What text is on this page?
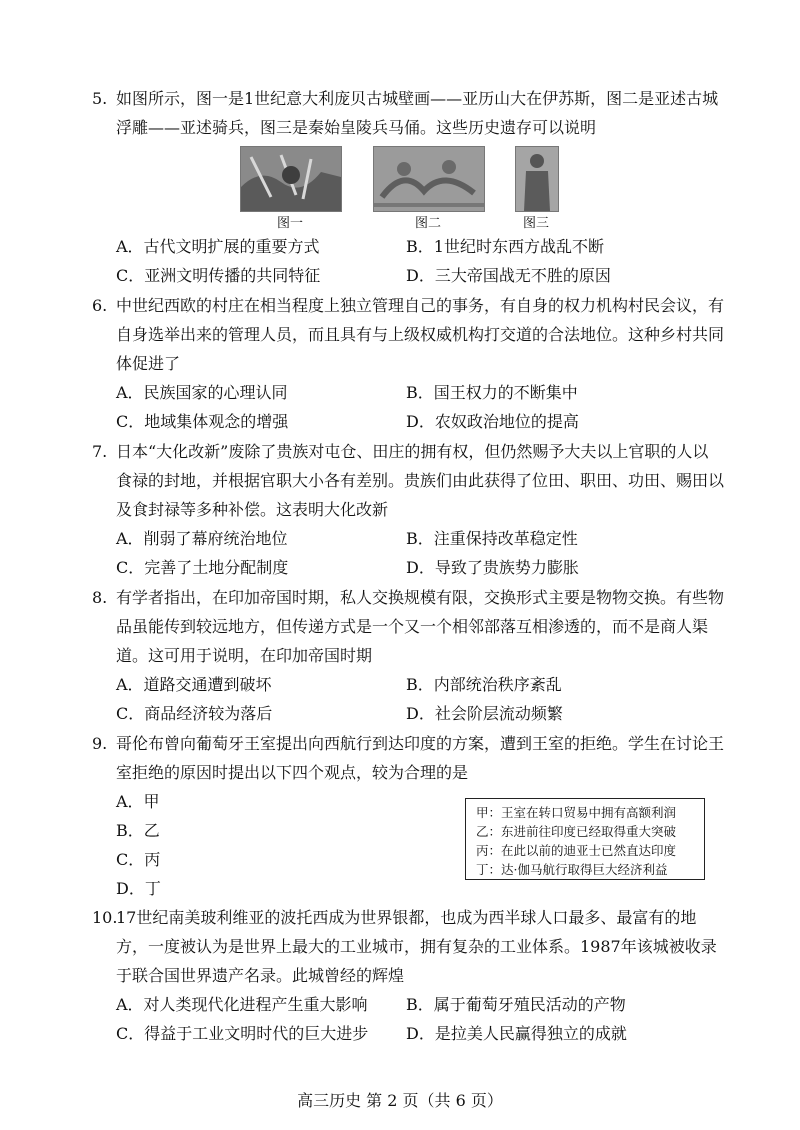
5. 如图所示，图一是1世纪意大利庞贝古城壁画——亚历山大在伊苏斯，图二是亚述古城浮雕——亚述骑兵，图三是秦始皇陵兵马俑。这些历史遗存可以说明

图一	图二	图三
A．古代文明扩展的重要方式	B．1世纪时东西方战乱不断
C．亚洲文明传播的共同特征	D．三大帝国战无不胜的原因

6. 中世纪西欧的村庄在相当程度上独立管理自己的事务，有自身的权力机构村民会议，有自身选举出来的管理人员，而且具有与上级权威机构打交道的合法地位。这种乡村共同体促进了

A．民族国家的心理认同	B．国王权力的不断集中
C．地域集体观念的增强	D．农奴政治地位的提高

7. 日本“大化改新”废除了贵族对屯仓、田庄的拥有权，但仍然赐予大夫以上官职的人以食禄的封地，并根据官职大小各有差别。贵族们由此获得了位田、职田、功田、赐田以及食封禄等多种补偿。这表明大化改新

A．削弱了幕府统治地位	B．注重保持改革稳定性
C．完善了土地分配制度	D．导致了贵族势力膨胀

8. 有学者指出，在印加帝国时期，私人交换规模有限，交换形式主要是物物交换。有些物品虽能传到较远地方，但传递方式是一个又一个相邻部落互相渗透的，而不是商人渠道。这可用于说明，在印加帝国时期

A．道路交通遭到破坏	B．内部统治秩序紊乱
C．商品经济较为落后	D．社会阶层流动频繁

9. 哥伦布曾向葡萄牙王室提出向西航行到达印度的方案，遭到王室的拒绝。学生在讨论王室拒绝的原因时提出以下四个观点，较为合理的是

A．甲
B．乙
C．丙
D．丁
甲：王室在转口贸易中拥有高额利润
乙：东进前往印度已经取得重大突破
丙：在此以前的迪亚士已然直达印度
丁：达·伽马航行取得巨大经济利益

10.17世纪南美玻利维亚的波托西成为世界银都，也成为西半球人口最多、最富有的地方，一度被认为是世界上最大的工业城市，拥有复杂的工业体系。1987年该城被收录于联合国世界遗产名录。此城曾经的辉煌

A．对人类现代化进程产生重大影响 B．属于葡萄牙殖民活动的产物
C．得益于工业文明时代的巨大进步 D．是拉美人民赢得独立的成就
高三历史 第 2 页（共 6 页）
